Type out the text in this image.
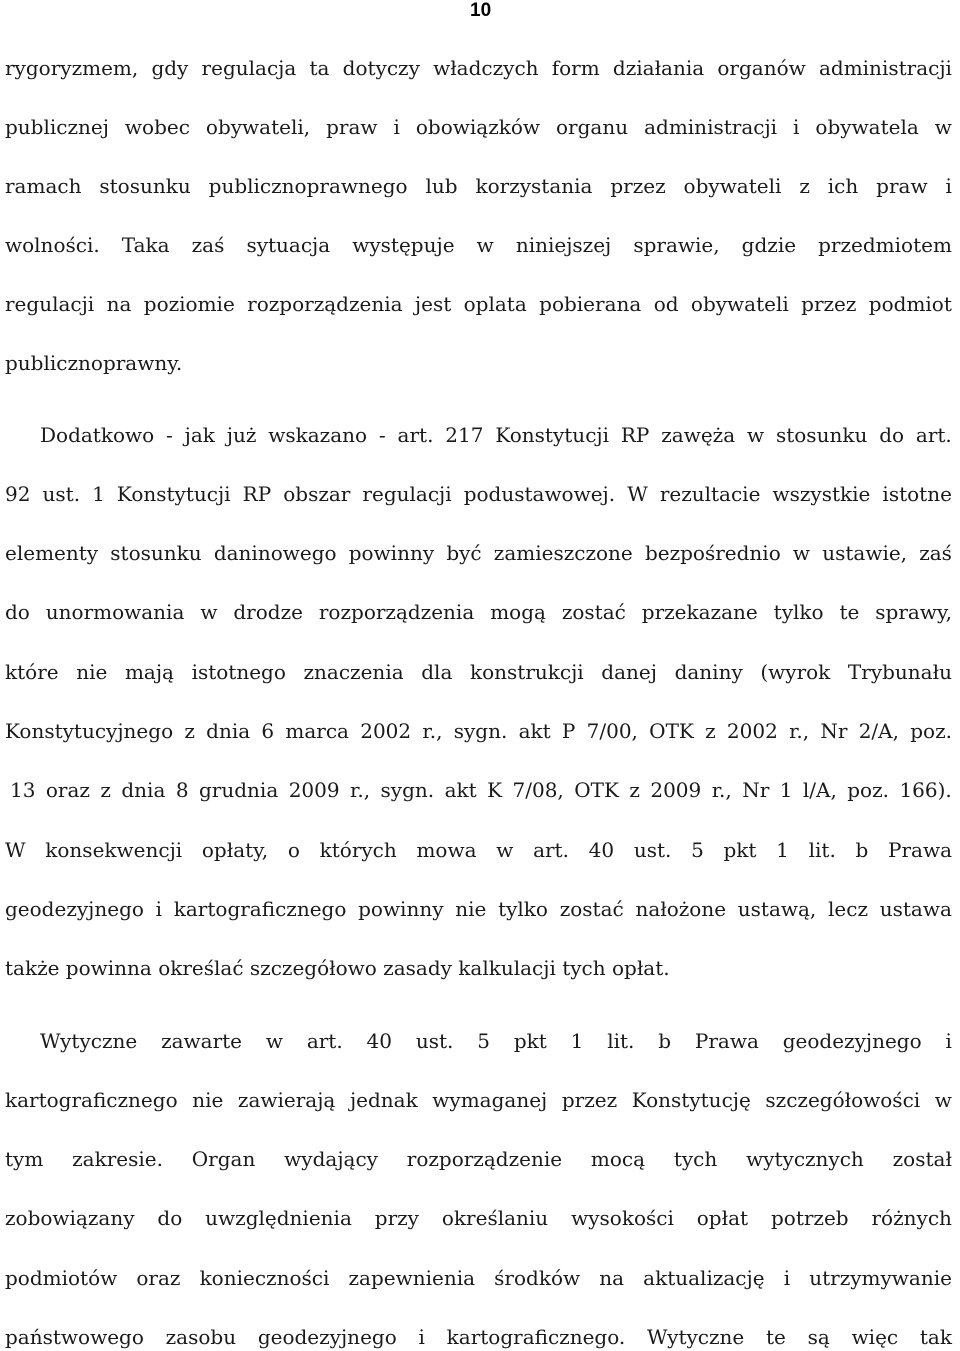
10
rygoryzmem, gdy regulacja ta dotyczy władczych form działania organów administracji
publicznej wobec obywateli, praw i obowiązków organu administracji i obywatela w
ramach stosunku publicznoprawnego lub korzystania przez obywateli z ich praw i
wolności. Taka zaś sytuacja występuje w niniejszej sprawie, gdzie przedmiotem
regulacji na poziomie rozporządzenia jest oplata pobierana od obywateli przez podmiot
publicznoprawny.
Dodatkowo - jak już wskazano - art. 217 Konstytucji RP zawęża w stosunku do art.
92 ust. 1 Konstytucji RP obszar regulacji podustawowej. W rezultacie wszystkie istotne
elementy stosunku daninowego powinny być zamieszczone bezpośrednio w ustawie, zaś
do unormowania w drodze rozporządzenia mogą zostać przekazane tylko te sprawy,
które nie mają istotnego znaczenia dla konstrukcji danej daniny (wyrok Trybunału
Konstytucyjnego z dnia 6 marca 2002 r., sygn. akt P 7/00, OTK z 2002 r., Nr 2/A, poz.
13 oraz z dnia 8 grudnia 2009 r., sygn. akt K 7/08, OTK z 2009 r., Nr 1 l/A, poz. 166).
W konsekwencji opłaty, o których mowa w art. 40 ust. 5 pkt 1 lit. b Prawa
geodezyjnego i kartograficznego powinny nie tylko zostać nałożone ustawą, lecz ustawa
także powinna określać szczegółowo zasady kalkulacji tych opłat.
Wytyczne zawarte w art. 40 ust. 5 pkt 1 lit. b Prawa geodezyjnego i
kartograficznego nie zawierają jednak wymaganej przez Konstytucję szczegółowości w
tym zakresie. Organ wydający rozporządzenie mocą tych wytycznych został
zobowiązany do uwzględnienia przy określaniu wysokości opłat potrzeb różnych
podmiotów oraz konieczności zapewnienia środków na aktualizację i utrzymywanie
państwowego zasobu geodezyjnego i kartograficznego. Wytyczne te są więc tak
